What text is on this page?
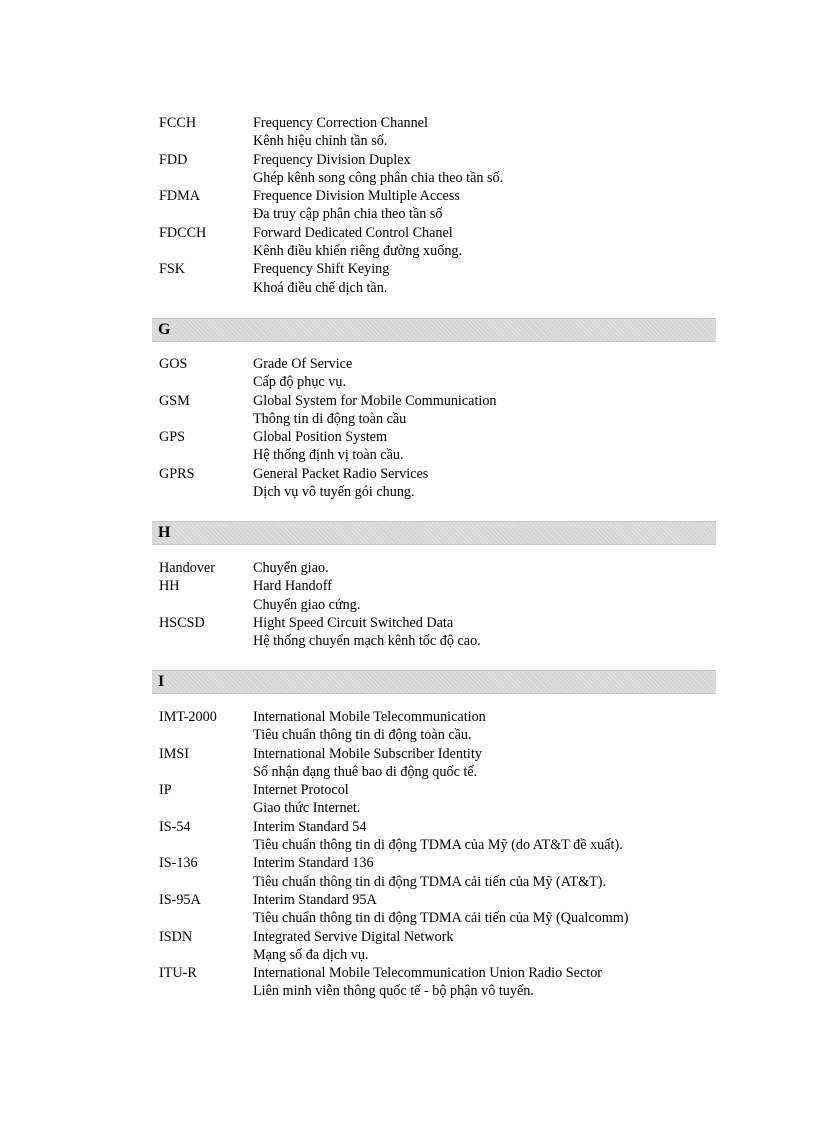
FCCH	Frequency Correction Channel
Kênh hiệu chỉnh tần số.
FDD	Frequency Division Duplex
Ghép kênh song công phân chia theo tần số.
FDMA	Frequence Division Multiple Access
Đa truy cập phân chia theo tần số
FDCCH	Forward Dedicated Control Chanel
Kênh điều khiển riêng đường xuống.
FSK	Frequency Shift Keying
Khoá điều chế dịch tần.
G
GOS	Grade Of Service
Cấp độ phục vụ.
GSM	Global System for Mobile Communication
Thông tin di động toàn cầu
GPS	Global Position System
Hệ thống định vị toàn cầu.
GPRS	General Packet Radio Services
Dịch vụ vô tuyến gói chung.
H
Handover	Chuyển giao.
HH	Hard Handoff
Chuyển giao cứng.
HSCSD	Hight Speed Circuit Switched Data
Hệ thống chuyển mạch kênh tốc độ cao.
I
IMT-2000	International Mobile Telecommunication
Tiêu chuẩn thông tin di động toàn cầu.
IMSI	International Mobile Subscriber Identity
Số nhận dạng thuê bao di động quốc tế.
IP	Internet Protocol
Giao thức Internet.
IS-54	Interim Standard 54
Tiêu chuẩn thông tin di động TDMA của Mỹ (do AT&T đề xuất).
IS-136	Interim Standard 136
Tiêu chuẩn thông tin di động TDMA cải tiến của Mỹ (AT&T).
IS-95A	Interim Standard 95A
Tiêu chuẩn thông tin di động TDMA cải tiến của Mỹ (Qualcomm)
ISDN	Integrated Servive Digital Network
Mạng số đa dịch vụ.
ITU-R	International Mobile Telecommunication Union Radio Sector
Liên minh viễn thông quốc tế - bộ phận vô tuyến.
